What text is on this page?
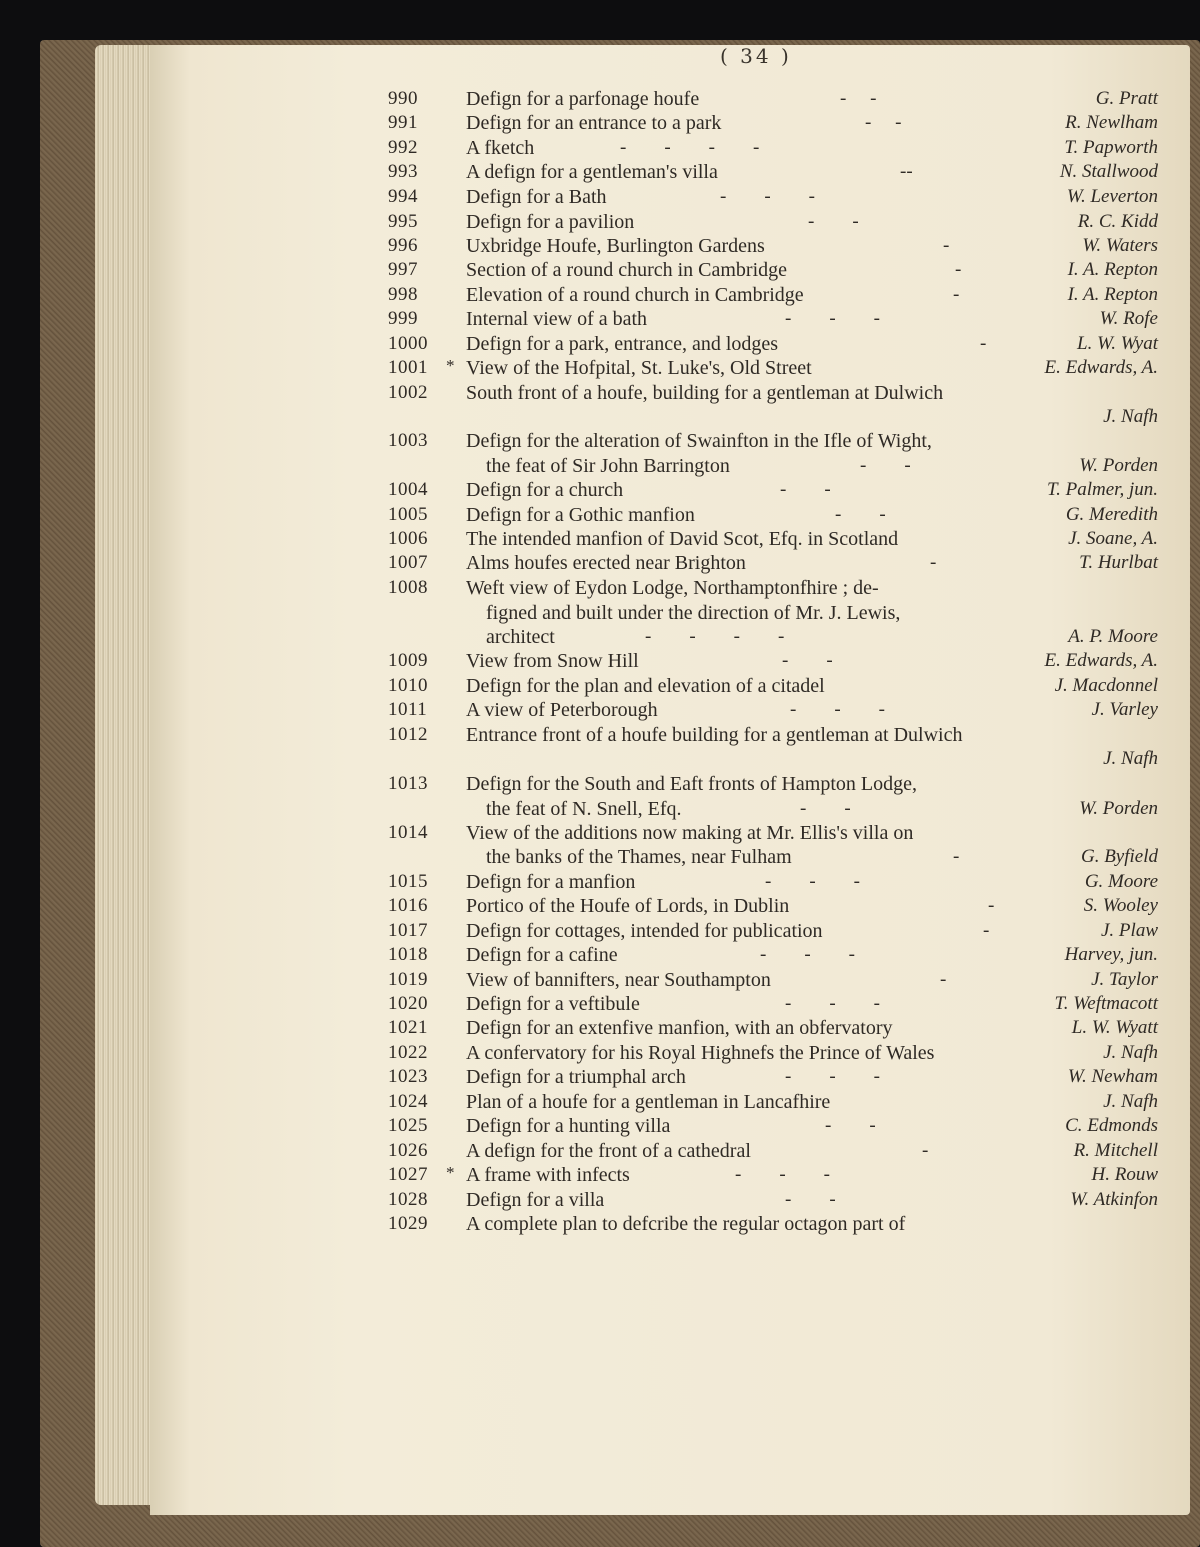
( 34 )
990 Defign for a parfonage houfe	-     -	G. Pratt
991 Defign for an entrance to a park	-     -	R. Newlham
992 A fketch	-        -        -        -	T. Papworth
993 A defign for a gentleman's villa	--	N. Stallwood
994 Defign for a Bath	-        -        -	W. Leverton
995 Defign for a pavilion	-        -	R. C. Kidd
996 Uxbridge Houfe, Burlington Gardens	-	W. Waters
997 Section of a round church in Cambridge	-	I. A. Repton
998 Elevation of a round church in Cambridge	-	I. A. Repton
999 Internal view of a bath	-        -        -	W. Rofe
1000 Defign for a park, entrance, and lodges	-	L. W. Wyat
1001 * View of the Hofpital, St. Luke's, Old Street	E. Edwards, A.
1002 South front of a houfe, building for a gentleman at Dulwich
J. Nafh
1003 Defign for the alteration of Swainfton in the Ifle of Wight,
the feat of Sir John Barrington	-        -	W. Porden
1004 Defign for a church	-        -	T. Palmer, jun.
1005 Defign for a Gothic manfion	-        -	G. Meredith
1006 The intended manfion of David Scot, Efq. in Scotland	J. Soane, A.
1007 Alms houfes erected near Brighton	-	T. Hurlbat
1008 Weft view of Eydon Lodge, Northamptonfhire ; de-
figned and built under the direction of Mr. J. Lewis,
architect	-        -        -        -	A. P. Moore
1009 View from Snow Hill	-        -	E. Edwards, A.
1010 Defign for the plan and elevation of a citadel	J. Macdonnel
1011 A view of Peterborough	-        -        -	J. Varley
1012 Entrance front of a houfe building for a gentleman at Dulwich
J. Nafh
1013 Defign for the South and Eaft fronts of Hampton Lodge,
the feat of N. Snell, Efq.	-        -	W. Porden
1014 View of the additions now making at Mr. Ellis's villa on
the banks of the Thames, near Fulham	-	G. Byfield
1015 Defign for a manfion	-        -        -	G. Moore
1016 Portico of the Houfe of Lords, in Dublin	-	S. Wooley
1017 Defign for cottages, intended for publication	-	J. Plaw
1018 Defign for a cafine	-        -        -	Harvey, jun.
1019 View of bannifters, near Southampton	-	J. Taylor
1020 Defign for a veftibule	-        -        -	T. Weftmacott
1021 Defign for an extenfive manfion, with an obfervatory	L. W. Wyatt
1022 A confervatory for his Royal Highnefs the Prince of Wales	J. Nafh
1023 Defign for a triumphal arch	-        -        -	W. Newham
1024 Plan of a houfe for a gentleman in Lancafhire	J. Nafh
1025 Defign for a hunting villa	-        -	C. Edmonds
1026 A defign for the front of a cathedral	-	R. Mitchell
1027 * A frame with infects	-        -        -	H. Rouw
1028 Defign for a villa	-        -	W. Atkinfon
1029 A complete plan to defcribe the regular octagon part of
